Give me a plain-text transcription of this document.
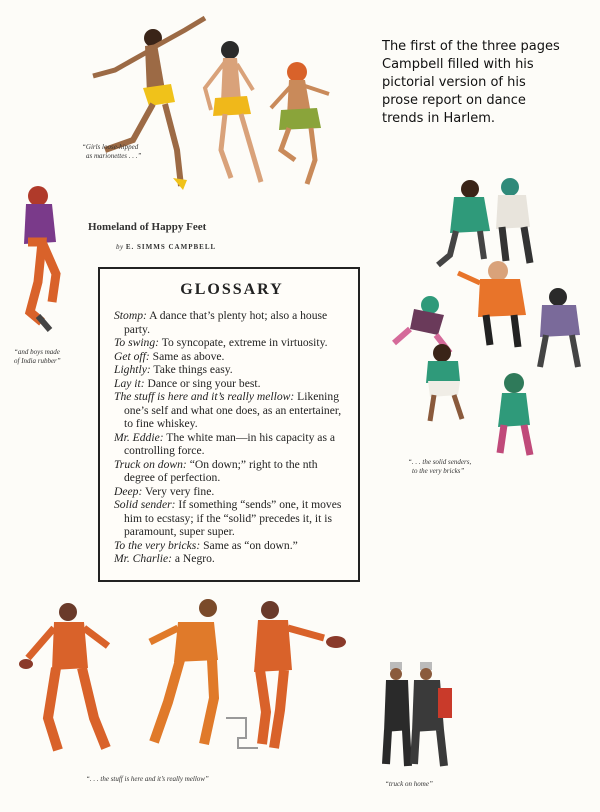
The first of the three pages
Campbell filled with his
pictorial version of his
prose report on dance
trends in Harlem.
“Girls loose-hipped
as marionettes . . .”
“and boys made
of India rubber”
Homeland of Happy Feet
by E. SIMMS CAMPBELL
GLOSSARY
Stomp: A dance that’s plenty hot; also a house party.
To swing: To syncopate, extreme in virtuosity.
Get off: Same as above.
Lightly: Take things easy.
Lay it: Dance or sing your best.
The stuff is here and it’s really mellow: Likening one’s self and what one does, as an entertainer, to fine whiskey.
Mr. Eddie: The white man—in his capacity as a controlling force.
Truck on down: “On down;” right to the nth degree of perfection.
Deep: Very very fine.
Solid sender: If something “sends” one, it moves him to ecstasy; if the “solid” precedes it, it is paramount, super super.
To the very bricks: Same as “on down.”
Mr. Charlie: a Negro.
“. . . the solid senders,
to the very bricks”
“. . . the stuff is here and it’s really mellow”
“truck on home”
